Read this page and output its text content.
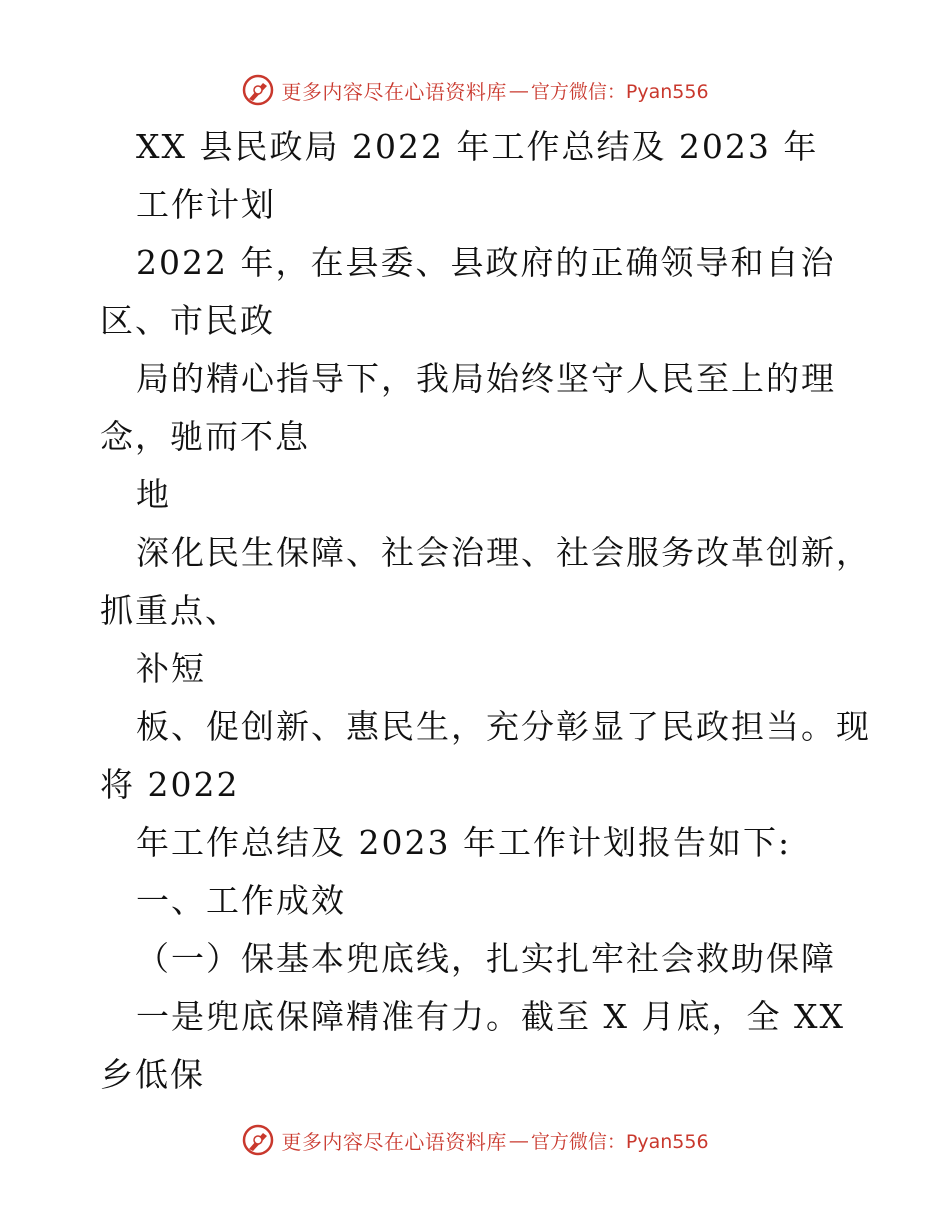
更多内容尽在心语资料库 — 官方微信：Pyan556
XX 县民政局 2022 年工作总结及 2023 年
工作计划
2022 年，在县委、县政府的正确领导和自治
区、市民政
局的精心指导下，我局始终坚守人民至上的理
念，驰而不息
地
深化民生保障、社会治理、社会服务改革创新，
抓重点、
补短
板、促创新、惠民生，充分彰显了民政担当。现
将 2022
年工作总结及 2023 年工作计划报告如下:
一、工作成效
（一）保基本兜底线，扎实扎牢社会救助保障
一是兜底保障精准有力。截至 X 月底，全 XX
乡低保
更多内容尽在心语资料库 — 官方微信：Pyan556
